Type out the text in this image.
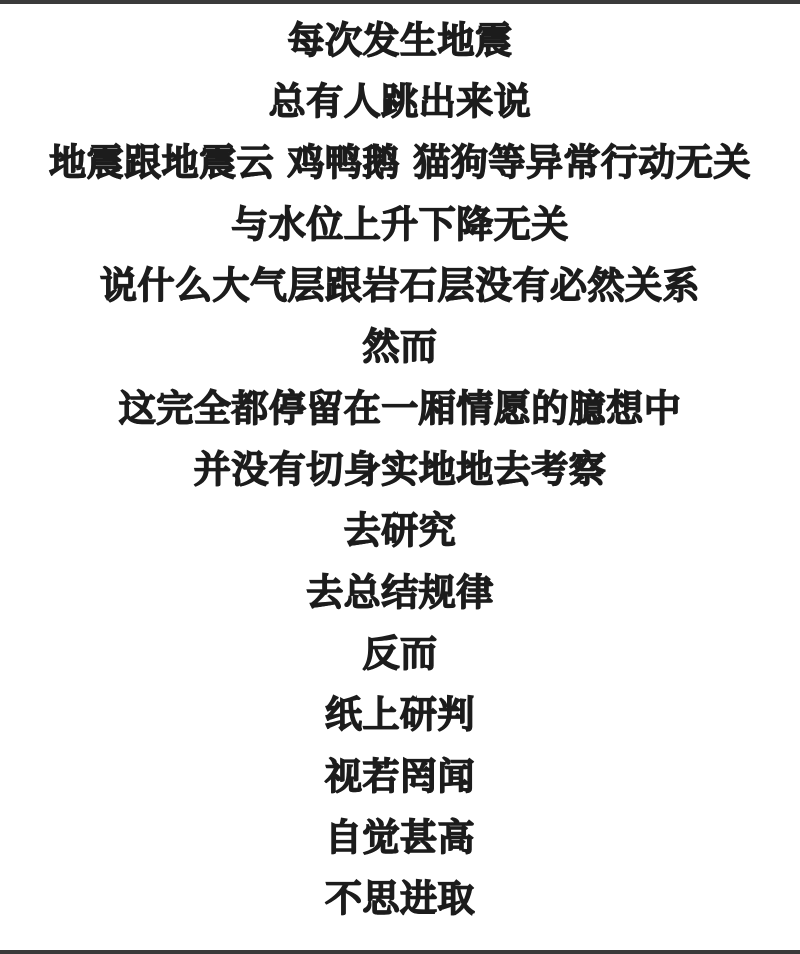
每次发生地震
总有人跳出来说
地震跟地震云 鸡鸭鹅 猫狗等异常行动无关
与水位上升下降无关
说什么大气层跟岩石层没有必然关系
然而
这完全都停留在一厢情愿的臆想中
并没有切身实地地去考察
去研究
去总结规律
反而
纸上研判
视若罔闻
自觉甚高
不思进取
